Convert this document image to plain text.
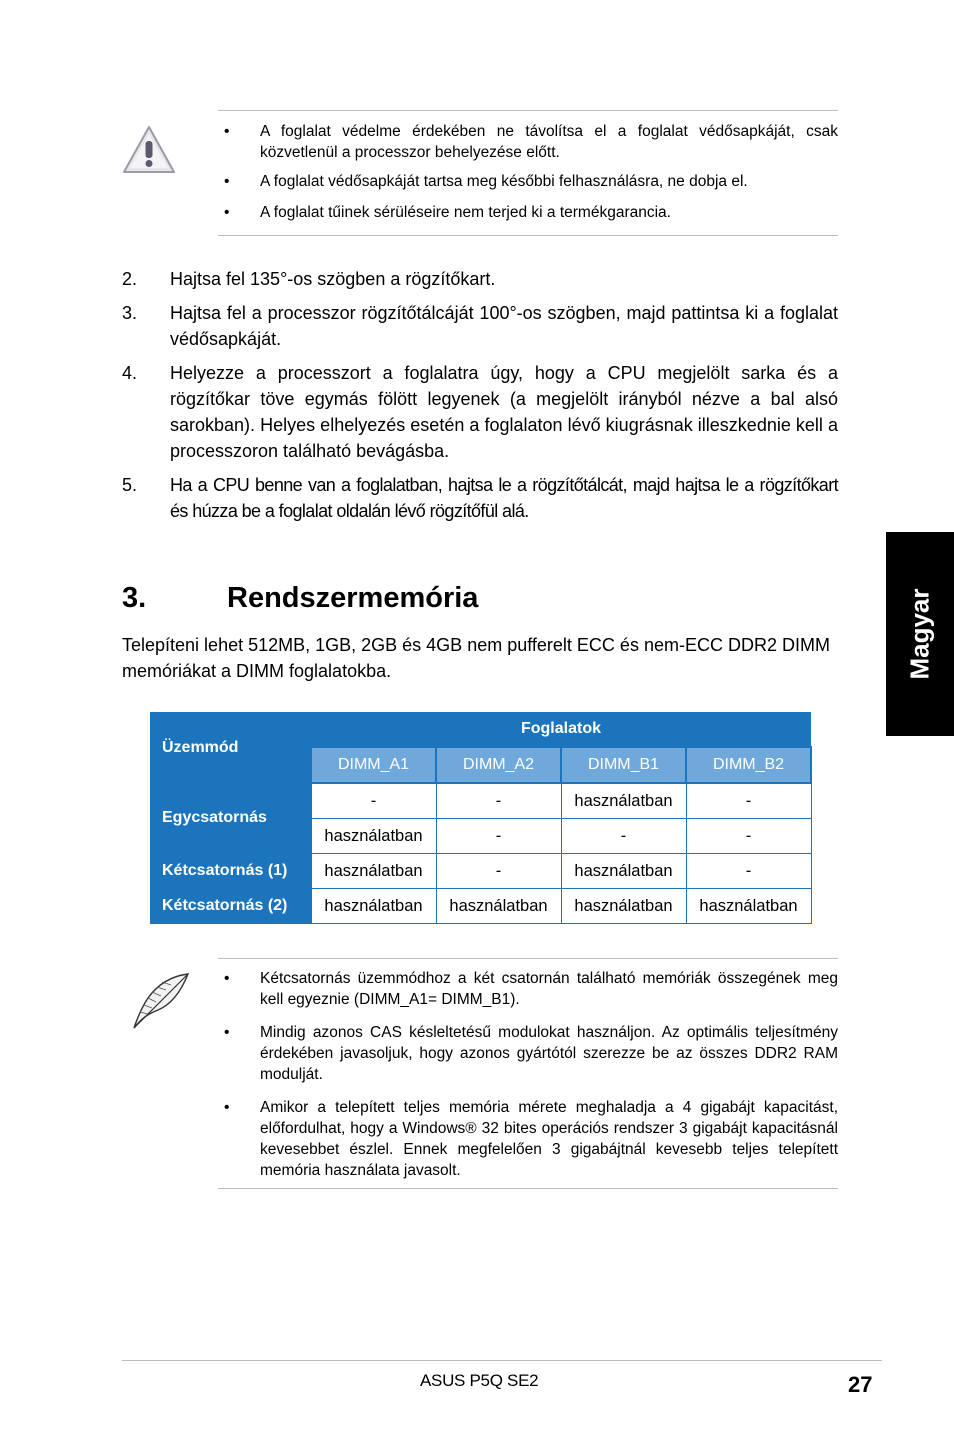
• A foglalat védelme érdekében ne távolítsa el a foglalat védősapkáját, csak közvetlenül a processzor behelyezése előtt.
• A foglalat védősapkáját tartsa meg későbbi felhasználásra, ne dobja el.
• A foglalat tűinek sérüléseire nem terjed ki a termékgarancia.
2. Hajtsa fel 135°-os szögben a rögzítőkart.
3. Hajtsa fel a processzor rögzítőtálcáját 100°-os szögben, majd pattintsa ki a foglalat védősapkáját.
4. Helyezze a processzort a foglalatra úgy, hogy a CPU megjelölt sarka és a rögzítőkar töve egymás fölött legyenek (a megjelölt irányból nézve a bal alsó sarokban). Helyes elhelyezés esetén a foglalaton lévő kiugrásnak illeszkednie kell a processzoron található bevágásba.
5. Ha a CPU benne van a foglalatban, hajtsa le a rögzítőtálcát, majd hajtsa le a rögzítőkart és húzza be a foglalat oldalán lévő rögzítőfül alá.
3.	Rendszermemória
Telepíteni lehet 512MB, 1GB, 2GB és 4GB nem pufferelt ECC és nem-ECC DDR2 DIMM memóriákat a DIMM foglalatokba.
Üzemmód	Foglalatok			
	DIMM_A1	DIMM_A2	DIMM_B1	DIMM_B2
Egycsatornás	-	-	használatban	-
	használatban	-	-	-
Kétcsatornás (1)	használatban	-	használatban	-
Kétcsatornás (2)	használatban	használatban	használatban	használatban
• Kétcsatornás üzemmódhoz a két csatornán található memóriák összegének meg kell egyeznie (DIMM_A1= DIMM_B1).
• Mindig azonos CAS késleltetésű modulokat használjon. Az optimális teljesítmény érdekében javasoljuk, hogy azonos gyártótól szerezze be az összes DDR2 RAM modulját.
• Amikor a telepített teljes memória mérete meghaladja a 4 gigabájt kapacitást, előfordulhat, hogy a Windows® 32 bites operációs rendszer 3 gigabájt kapacitásnál kevesebbet észlel. Ennek megfelelően 3 gigabájtnál kevesebb teljes telepített memória használata javasolt.
Magyar
ASUS P5Q SE2	27
